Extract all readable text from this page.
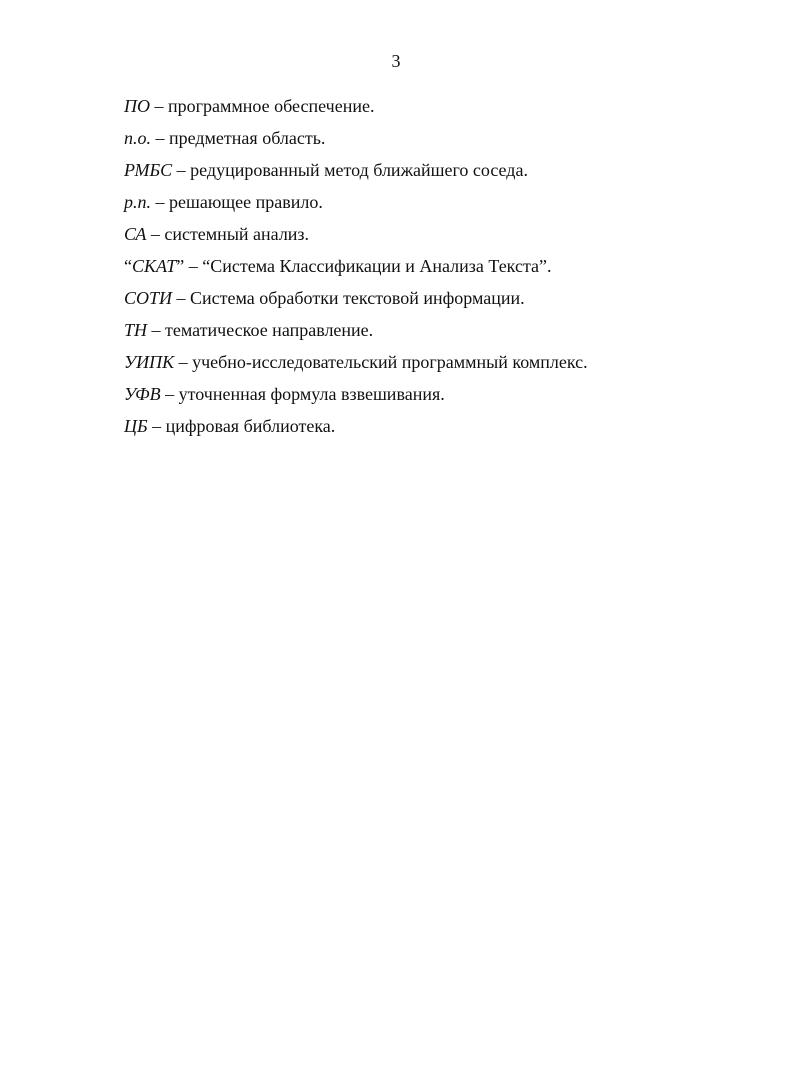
3
ПО – программное обеспечение.
п.о. – предметная область.
РМБС – редуцированный метод ближайшего соседа.
р.п. – решающее правило.
СА – системный анализ.
“СКАТ” – “Система Классификации и Анализа Текста”.
СОТИ – Система обработки текстовой информации.
ТН – тематическое направление.
УИПК – учебно-исследовательский программный комплекс.
УФВ – уточненная формула взвешивания.
ЦБ – цифровая библиотека.
